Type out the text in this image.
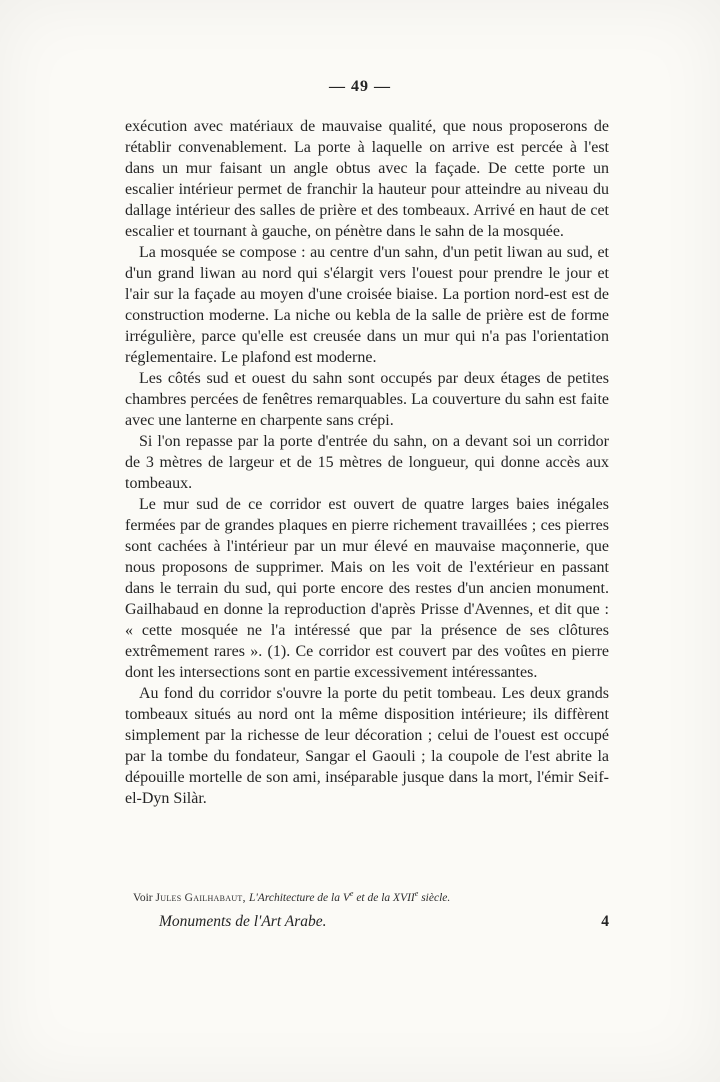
— 49 —

exécution avec matériaux de mauvaise qualité, que nous proposerons de rétablir convenablement. La porte à laquelle on arrive est percée à l'est dans un mur faisant un angle obtus avec la façade. De cette porte un escalier intérieur permet de franchir la hauteur pour atteindre au niveau du dallage intérieur des salles de prière et des tombeaux. Arrivé en haut de cet escalier et tournant à gauche, on pénètre dans le sahn de la mosquée.

La mosquée se compose : au centre d'un sahn, d'un petit liwan au sud, et d'un grand liwan au nord qui s'élargit vers l'ouest pour prendre le jour et l'air sur la façade au moyen d'une croisée biaise. La portion nord-est est de construction moderne. La niche ou kebla de la salle de prière est de forme irrégulière, parce qu'elle est creusée dans un mur qui n'a pas l'orientation réglementaire. Le plafond est moderne.

Les côtés sud et ouest du sahn sont occupés par deux étages de petites chambres percées de fenêtres remarquables. La couverture du sahn est faite avec une lanterne en charpente sans crépi.

Si l'on repasse par la porte d'entrée du sahn, on a devant soi un corridor de 3 mètres de largeur et de 15 mètres de longueur, qui donne accès aux tombeaux.

Le mur sud de ce corridor est ouvert de quatre larges baies inégales fermées par de grandes plaques en pierre richement travaillées ; ces pierres sont cachées à l'intérieur par un mur élevé en mauvaise maçonnerie, que nous proposons de supprimer. Mais on les voit de l'extérieur en passant dans le terrain du sud, qui porte encore des restes d'un ancien monument. Gailhabaud en donne la reproduction d'après Prisse d'Avennes, et dit que : « cette mosquée ne l'a intéressé que par la présence de ses clôtures extrêmement rares ». (1). Ce corridor est couvert par des voûtes en pierre dont les intersections sont en partie excessivement intéressantes.

Au fond du corridor s'ouvre la porte du petit tombeau. Les deux grands tombeaux situés au nord ont la même disposition intérieure; ils diffèrent simplement par la richesse de leur décoration ; celui de l'ouest est occupé par la tombe du fondateur, Sangar el Gaouli ; la coupole de l'est abrite la dépouille mortelle de son ami, inséparable jusque dans la mort, l'émir Seif-el-Dyn Silàr.

Voir Jules Gailhabaut, L'Architecture de la Ve et de la XVIIe siècle.
Monuments de l'Art Arabe.	4
